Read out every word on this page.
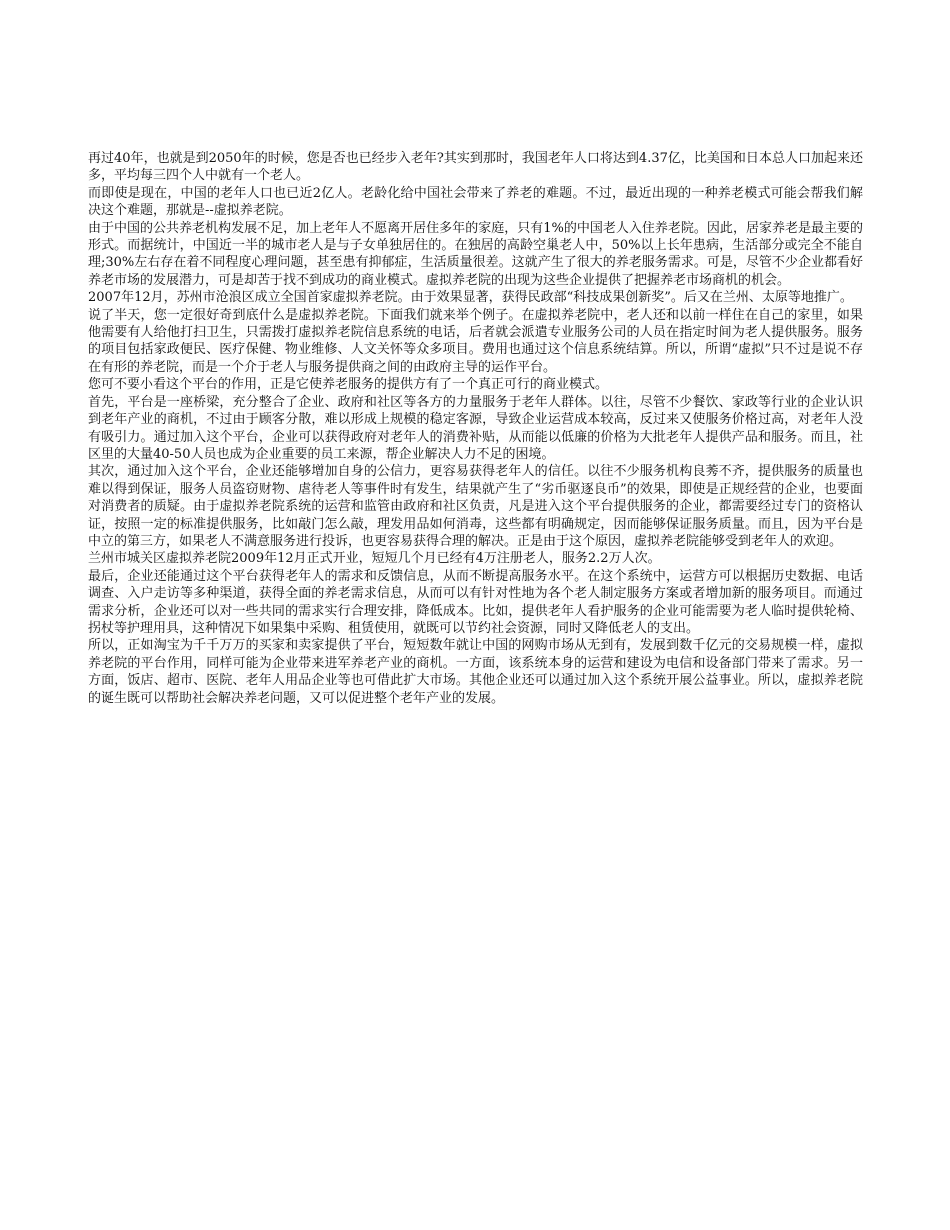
再过40年，也就是到2050年的时候，您是否也已经步入老年?其实到那时，我国老年人口将达到4.37亿，比美国和日本总人口加起来还多，平均每三四个人中就有一个老人。

而即使是现在，中国的老年人口也已近2亿人。老龄化给中国社会带来了养老的难题。不过，最近出现的一种养老模式可能会帮我们解决这个难题，那就是--虚拟养老院。

由于中国的公共养老机构发展不足，加上老年人不愿离开居住多年的家庭，只有1%的中国老人入住养老院。因此，居家养老是最主要的形式。而据统计，中国近一半的城市老人是与子女单独居住的。在独居的高龄空巢老人中，50%以上长年患病，生活部分或完全不能自理;30%左右存在着不同程度心理问题，甚至患有抑郁症，生活质量很差。这就产生了很大的养老服务需求。可是，尽管不少企业都看好养老市场的发展潜力，可是却苦于找不到成功的商业模式。虚拟养老院的出现为这些企业提供了把握养老市场商机的机会。

2007年12月，苏州市沧浪区成立全国首家虚拟养老院。由于效果显著，获得民政部“科技成果创新奖”。后又在兰州、太原等地推广。

说了半天，您一定很好奇到底什么是虚拟养老院。下面我们就来举个例子。在虚拟养老院中，老人还和以前一样住在自己的家里，如果他需要有人给他打扫卫生，只需拨打虚拟养老院信息系统的电话，后者就会派遣专业服务公司的人员在指定时间为老人提供服务。服务的项目包括家政便民、医疗保健、物业维修、人文关怀等众多项目。费用也通过这个信息系统结算。所以，所谓“虚拟”只不过是说不存在有形的养老院，而是一个介于老人与服务提供商之间的由政府主导的运作平台。

您可不要小看这个平台的作用，正是它使养老服务的提供方有了一个真正可行的商业模式。

首先，平台是一座桥梁，充分整合了企业、政府和社区等各方的力量服务于老年人群体。以往，尽管不少餐饮、家政等行业的企业认识到老年产业的商机，不过由于顾客分散，难以形成上规模的稳定客源，导致企业运营成本较高，反过来又使服务价格过高，对老年人没有吸引力。通过加入这个平台，企业可以获得政府对老年人的消费补贴，从而能以低廉的价格为大批老年人提供产品和服务。而且，社区里的大量40-50人员也成为企业重要的员工来源，帮企业解决人力不足的困境。

其次，通过加入这个平台，企业还能够增加自身的公信力，更容易获得老年人的信任。以往不少服务机构良莠不齐，提供服务的质量也难以得到保证，服务人员盗窃财物、虐待老人等事件时有发生，结果就产生了“劣币驱逐良币”的效果，即使是正规经营的企业，也要面对消费者的质疑。由于虚拟养老院系统的运营和监管由政府和社区负责，凡是进入这个平台提供服务的企业，都需要经过专门的资格认证，按照一定的标准提供服务，比如敲门怎么敲，理发用品如何消毒，这些都有明确规定，因而能够保证服务质量。而且，因为平台是中立的第三方，如果老人不满意服务进行投诉，也更容易获得合理的解决。正是由于这个原因，虚拟养老院能够受到老年人的欢迎。

兰州市城关区虚拟养老院2009年12月正式开业，短短几个月已经有4万注册老人，服务2.2万人次。

最后，企业还能通过这个平台获得老年人的需求和反馈信息，从而不断提高服务水平。在这个系统中，运营方可以根据历史数据、电话调查、入户走访等多种渠道，获得全面的养老需求信息，从而可以有针对性地为各个老人制定服务方案或者增加新的服务项目。而通过需求分析，企业还可以对一些共同的需求实行合理安排，降低成本。比如，提供老年人看护服务的企业可能需要为老人临时提供轮椅、拐杖等护理用具，这种情况下如果集中采购、租赁使用，就既可以节约社会资源，同时又降低老人的支出。

所以，正如淘宝为千千万万的买家和卖家提供了平台，短短数年就让中国的网购市场从无到有，发展到数千亿元的交易规模一样，虚拟养老院的平台作用，同样可能为企业带来进军养老产业的商机。一方面，该系统本身的运营和建设为电信和设备部门带来了需求。另一方面，饭店、超市、医院、老年人用品企业等也可借此扩大市场。其他企业还可以通过加入这个系统开展公益事业。所以，虚拟养老院的诞生既可以帮助社会解决养老问题，又可以促进整个老年产业的发展。
